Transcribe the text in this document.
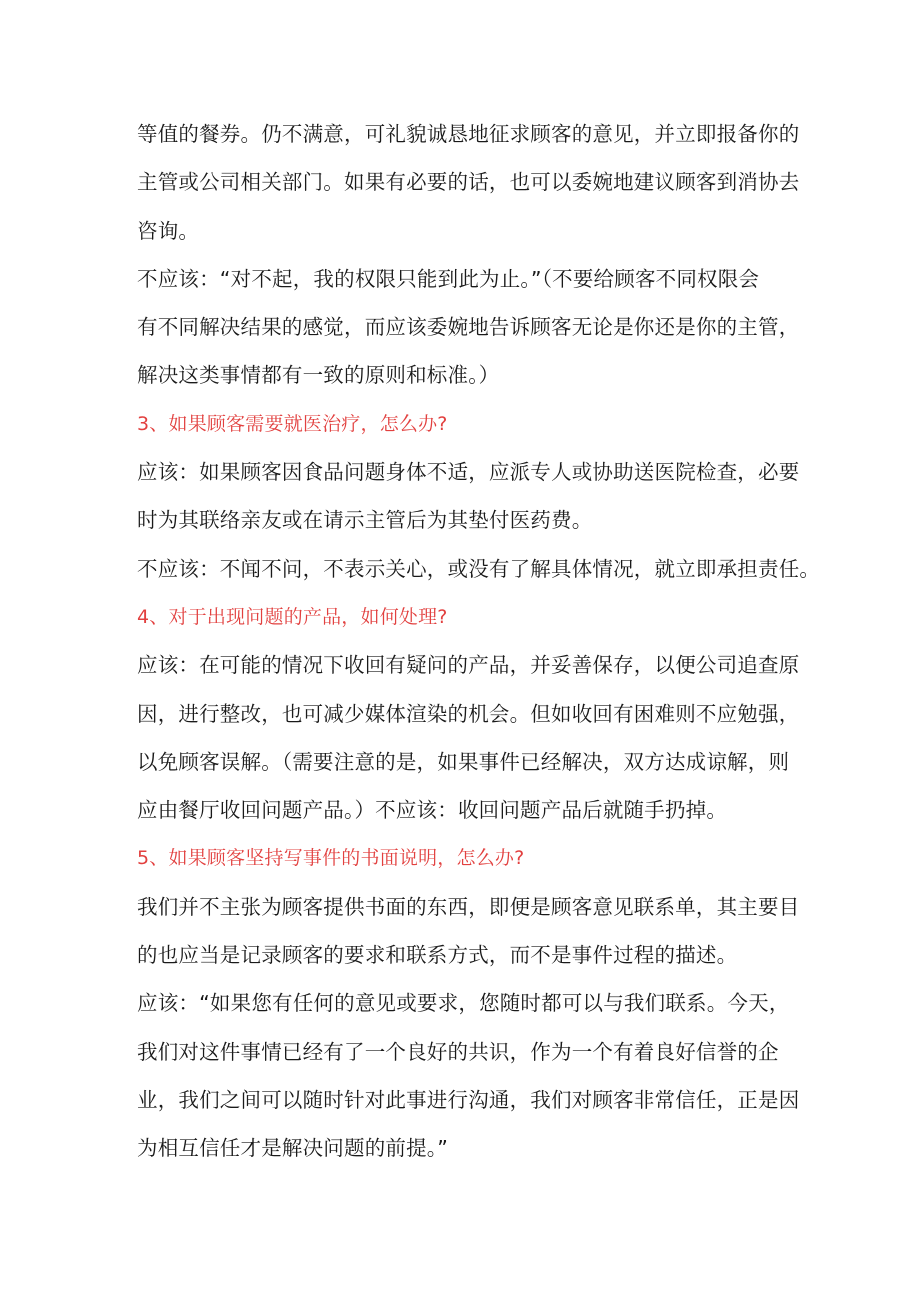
等值的餐券。仍不满意，可礼貌诚恳地征求顾客的意见，并立即报备你的
主管或公司相关部门。如果有必要的话，也可以委婉地建议顾客到消协去
咨询。
不应该：“对不起，我的权限只能到此为止。”（不要给顾客不同权限会
有不同解决结果的感觉，而应该委婉地告诉顾客无论是你还是你的主管，
解决这类事情都有一致的原则和标准。）
3、如果顾客需要就医治疗，怎么办?
应该：如果顾客因食品问题身体不适，应派专人或协助送医院检查，必要
时为其联络亲友或在请示主管后为其垫付医药费。
不应该：不闻不问，不表示关心，或没有了解具体情况，就立即承担责任。
4、对于出现问题的产品，如何处理?
应该：在可能的情况下收回有疑问的产品，并妥善保存，以便公司追查原
因，进行整改，也可减少媒体渲染的机会。但如收回有困难则不应勉强，
以免顾客误解。（需要注意的是，如果事件已经解决，双方达成谅解，则
应由餐厅收回问题产品。）不应该：收回问题产品后就随手扔掉。
5、如果顾客坚持写事件的书面说明，怎么办?
我们并不主张为顾客提供书面的东西，即便是顾客意见联系单，其主要目
的也应当是记录顾客的要求和联系方式，而不是事件过程的描述。
应该：“如果您有任何的意见或要求，您随时都可以与我们联系。今天，
我们对这件事情已经有了一个良好的共识，作为一个有着良好信誉的企
业，我们之间可以随时针对此事进行沟通，我们对顾客非常信任，正是因
为相互信任才是解决问题的前提。”
